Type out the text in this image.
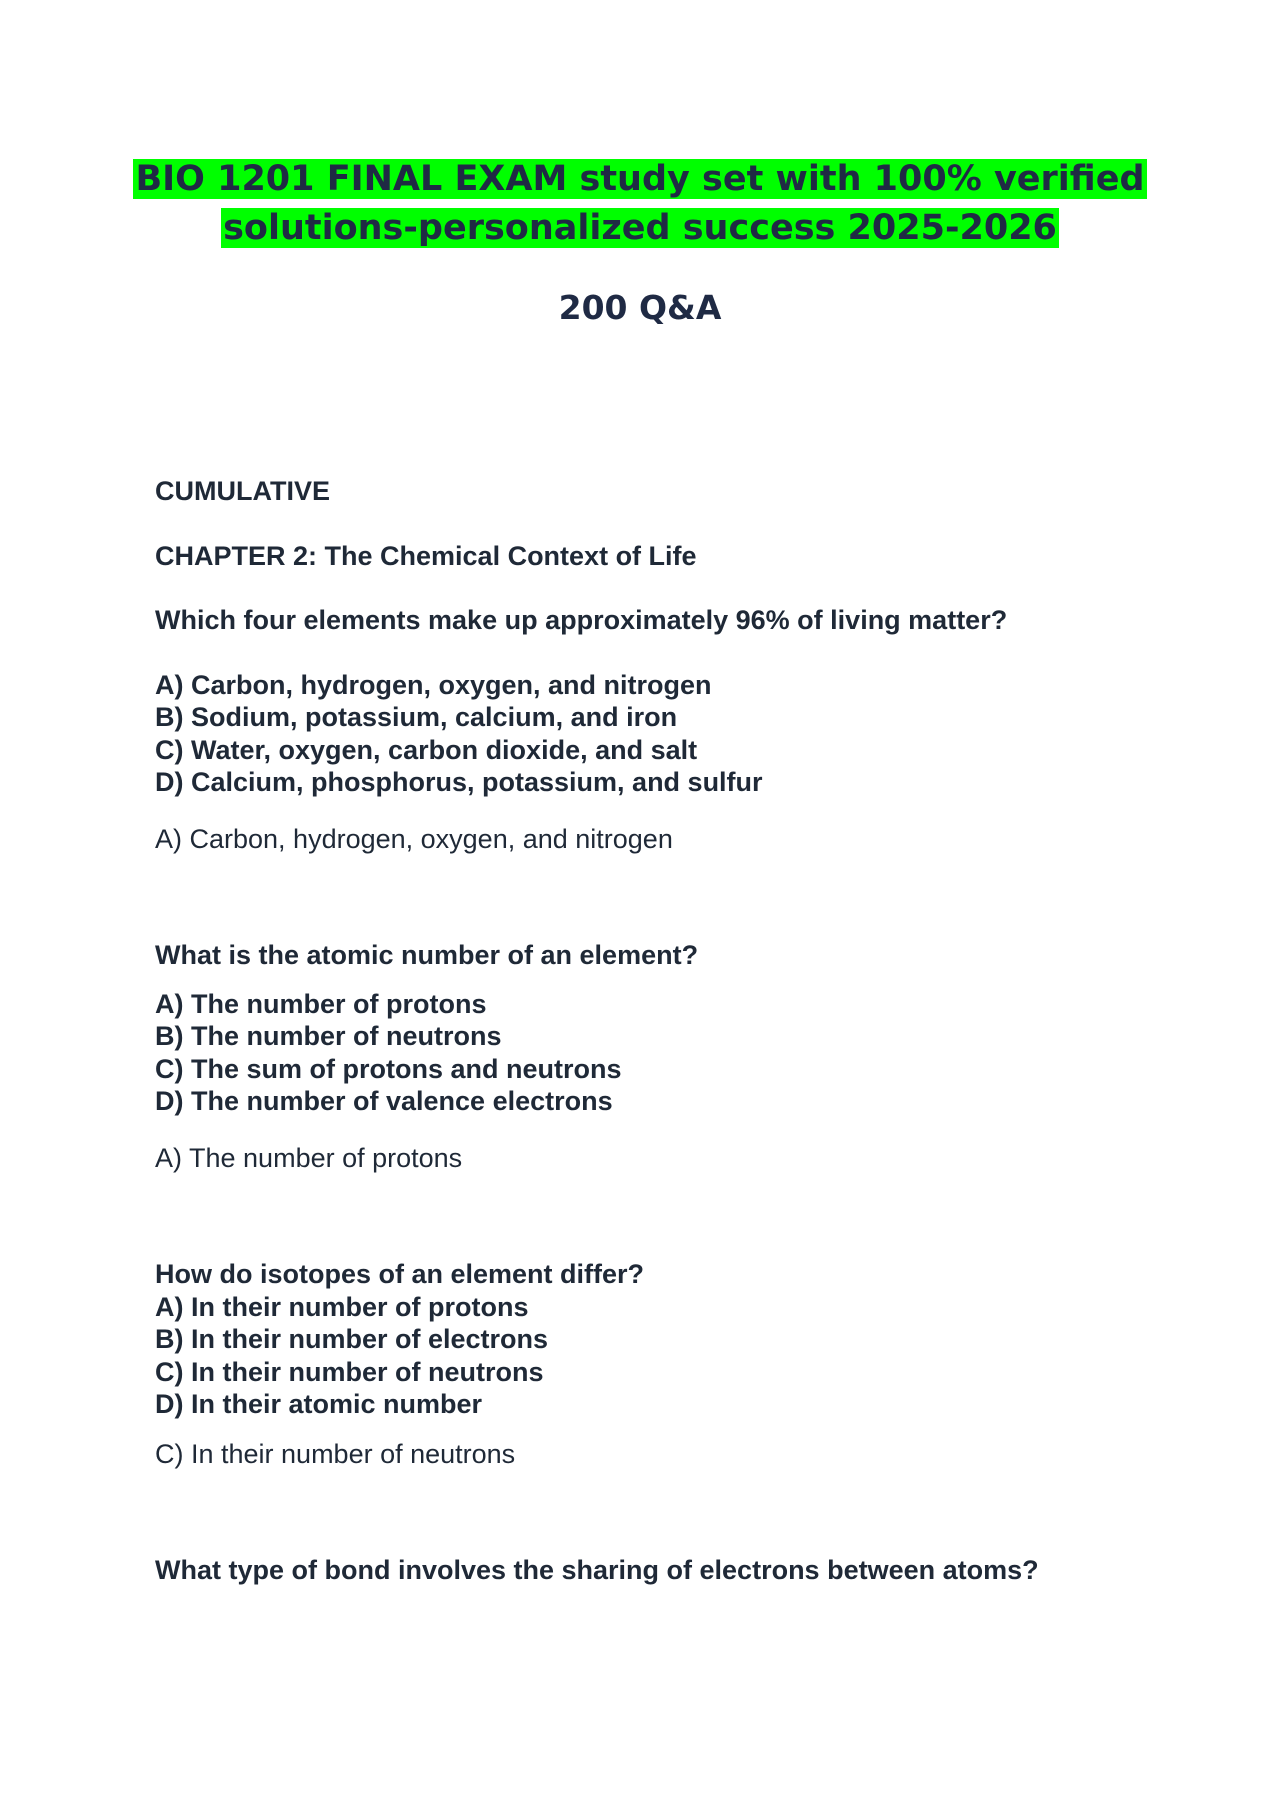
BIO 1201 FINAL EXAM study set with 100% verified
solutions-personalized success 2025-2026
200 Q&A
CUMULATIVE
CHAPTER 2: The Chemical Context of Life

Which four elements make up approximately 96% of living matter?

A) Carbon, hydrogen, oxygen, and nitrogen
B) Sodium, potassium, calcium, and iron
C) Water, oxygen, carbon dioxide, and salt
D) Calcium, phosphorus, potassium, and sulfur

A) Carbon, hydrogen, oxygen, and nitrogen

What is the atomic number of an element?

A) The number of protons
B) The number of neutrons
C) The sum of protons and neutrons
D) The number of valence electrons

A) The number of protons

How do isotopes of an element differ?

A) In their number of protons
B) In their number of electrons
C) In their number of neutrons
D) In their atomic number

C) In their number of neutrons

What type of bond involves the sharing of electrons between atoms?
